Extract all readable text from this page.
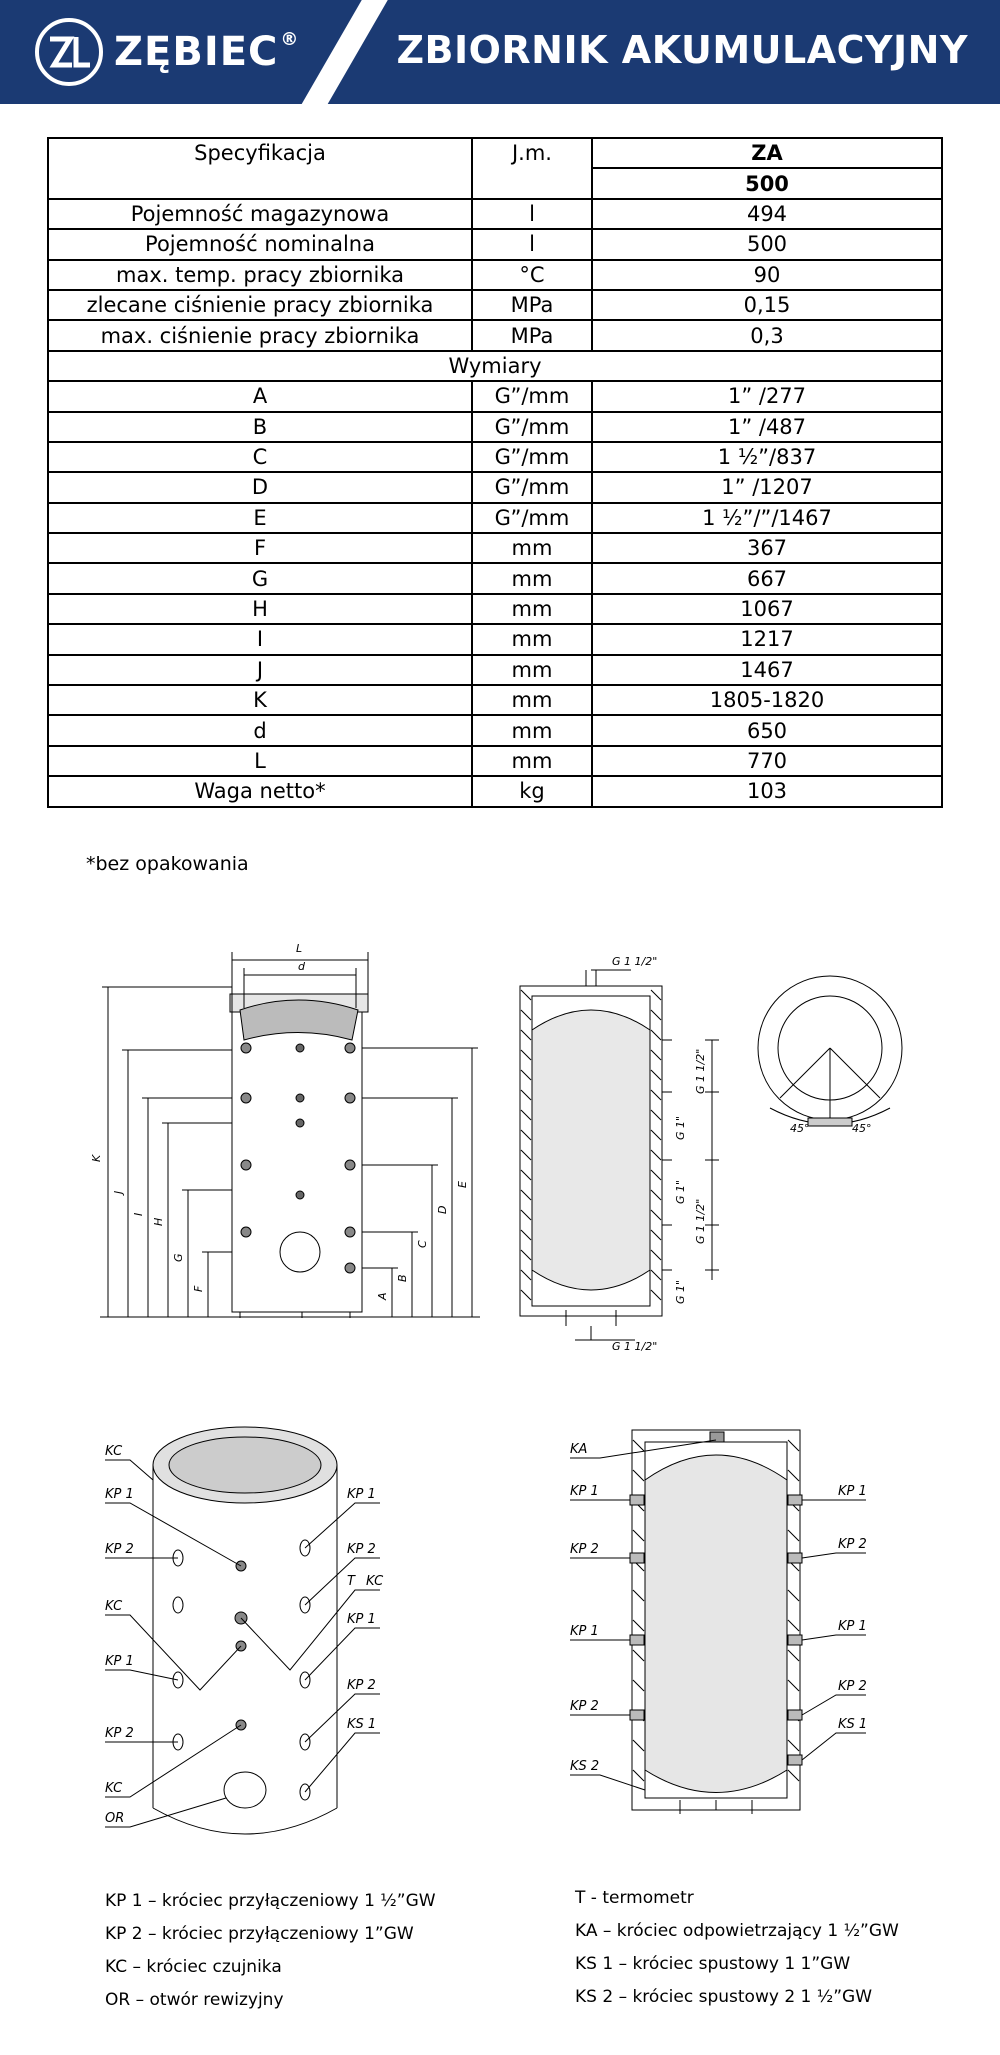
ZĘBIEC ®	ZBIORNIK AKUMULACYJNY
Specyfikacja	J.m.	ZA
		500
Pojemność magazynowa	l	494
Pojemność nominalna	l	500
max. temp. pracy zbiornika	°C	90
zlecane ciśnienie pracy zbiornika	MPa	0,15
max. ciśnienie pracy zbiornika	MPa	0,3
Wymiary		
A	G”/mm	1” /277
B	G”/mm	1” /487
C	G”/mm	1 ½”/837
D	G”/mm	1” /1207
E	G”/mm	1 ½”/”/1467
F	mm	367
G	mm	667
H	mm	1067
I	mm	1217
J	mm	1467
K	mm	1805-1820
d	mm	650
L	mm	770
Waga netto*	kg	103
*bez opakowania
L
d
K
J
I
H
G
F
A
B
C
D
E
G 1 1/2"
G 1 1/2"
G 1 1/2"
G 1"
G 1"
G 1 1/2"
G 1"
45°	45°
KC
KP 1
KP 2
KC
KP 1
KP 2
KC
OR
KP 1
KP 2
T KC
KP 1
KP 2
KS 1
KA
KP 1
KP 2
KP 1
KP 2
KS 2
KP 1
KP 2
KP 1
KP 2
KS 1
KP 1 – króciec przyłączeniowy 1 ½”GW
KP 2 – króciec przyłączeniowy 1”GW
KC – króciec czujnika
OR – otwór rewizyjny
T - termometr
KA – króciec odpowietrzający 1 ½”GW
KS 1 – króciec spustowy 1 1”GW
KS 2 – króciec spustowy 2 1 ½”GW
